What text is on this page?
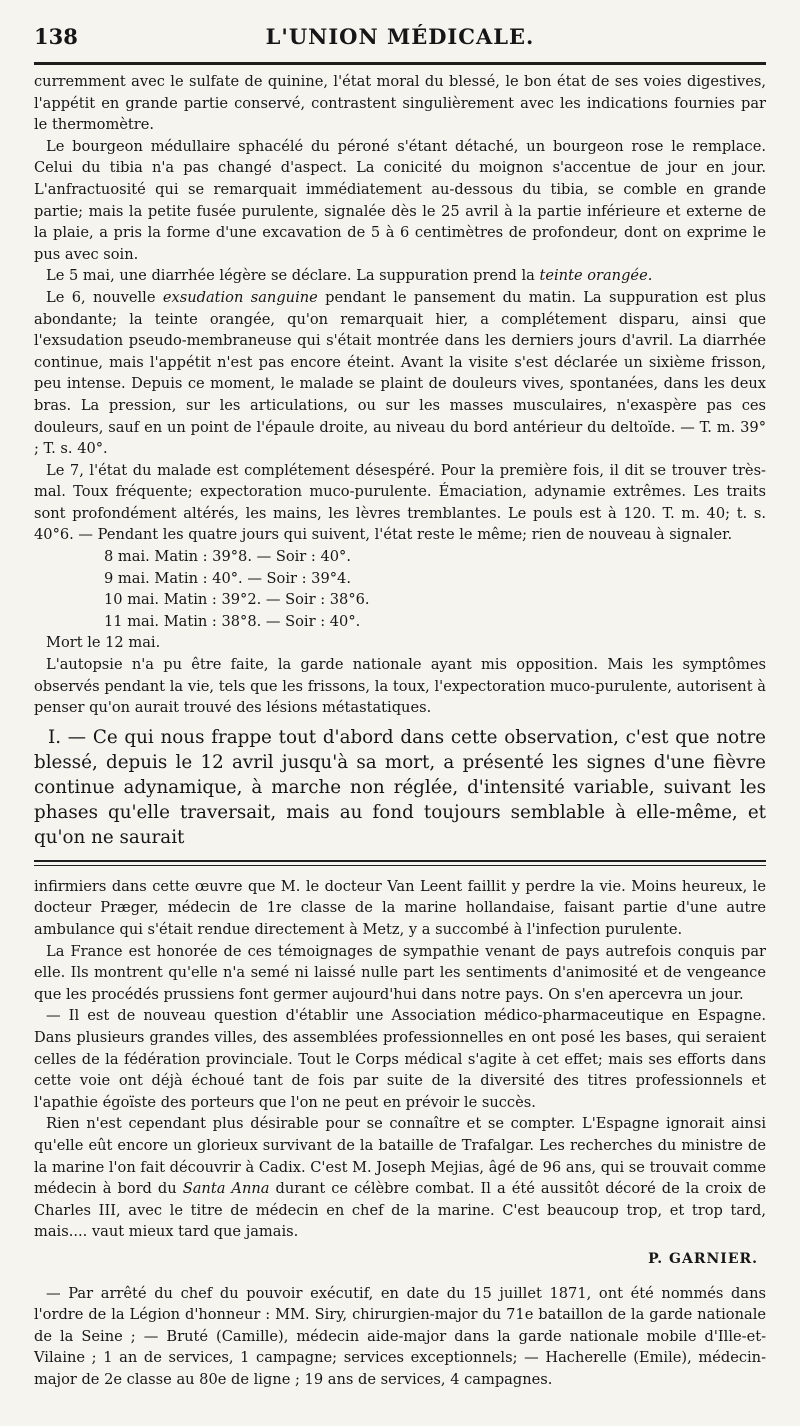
138	L'UNION MÉDICALE.

curremment avec le sulfate de quinine, l'état moral du blessé, le bon état de ses voies digestives, l'appétit en grande partie conservé, contrastent singulièrement avec les indications fournies par le thermomètre.

Le bourgeon médullaire sphacélé du péroné s'étant détaché, un bourgeon rose le remplace. Celui du tibia n'a pas changé d'aspect. La conicité du moignon s'accentue de jour en jour. L'anfractuosité qui se remarquait immédiatement au-dessous du tibia, se comble en grande partie; mais la petite fusée purulente, signalée dès le 25 avril à la partie inférieure et externe de la plaie, a pris la forme d'une excavation de 5 à 6 centimètres de profondeur, dont on exprime le pus avec soin.

Le 5 mai, une diarrhée légère se déclare. La suppuration prend la teinte orangée.

Le 6, nouvelle exsudation sanguine pendant le pansement du matin. La suppuration est plus abondante; la teinte orangée, qu'on remarquait hier, a complétement disparu, ainsi que l'exsudation pseudo-membraneuse qui s'était montrée dans les derniers jours d'avril. La diarrhée continue, mais l'appétit n'est pas encore éteint. Avant la visite s'est déclarée un sixième frisson, peu intense. Depuis ce moment, le malade se plaint de douleurs vives, spontanées, dans les deux bras. La pression, sur les articulations, ou sur les masses musculaires, n'exaspère pas ces douleurs, sauf en un point de l'épaule droite, au niveau du bord antérieur du deltoïde. — T. m. 39° ; T. s. 40°.

Le 7, l'état du malade est complétement désespéré. Pour la première fois, il dit se trouver très-mal. Toux fréquente; expectoration muco-purulente. Émaciation, adynamie extrêmes. Les traits sont profondément altérés, les mains, les lèvres tremblantes. Le pouls est à 120. T. m. 40; t. s. 40°6. — Pendant les quatre jours qui suivent, l'état reste le même; rien de nouveau à signaler.

8 mai. Matin : 39°8. — Soir : 40°.
9 mai. Matin : 40°. — Soir : 39°4.
10 mai. Matin : 39°2. — Soir : 38°6.
11 mai. Matin : 38°8. — Soir : 40°.

Mort le 12 mai.

L'autopsie n'a pu être faite, la garde nationale ayant mis opposition. Mais les symptômes observés pendant la vie, tels que les frissons, la toux, l'expectoration muco-purulente, autorisent à penser qu'on aurait trouvé des lésions métastatiques.

I. — Ce qui nous frappe tout d'abord dans cette observation, c'est que notre blessé, depuis le 12 avril jusqu'à sa mort, a présenté les signes d'une fièvre continue adynamique, à marche non réglée, d'intensité variable, suivant les phases qu'elle traversait, mais au fond toujours semblable à elle-même, et qu'on ne saurait

infirmiers dans cette œuvre que M. le docteur Van Leent faillit y perdre la vie. Moins heureux, le docteur Præger, médecin de 1re classe de la marine hollandaise, faisant partie d'une autre ambulance qui s'était rendue directement à Metz, y a succombé à l'infection purulente.

La France est honorée de ces témoignages de sympathie venant de pays autrefois conquis par elle. Ils montrent qu'elle n'a semé ni laissé nulle part les sentiments d'animosité et de vengeance que les procédés prussiens font germer aujourd'hui dans notre pays. On s'en apercevra un jour.

— Il est de nouveau question d'établir une Association médico-pharmaceutique en Espagne. Dans plusieurs grandes villes, des assemblées professionnelles en ont posé les bases, qui seraient celles de la fédération provinciale. Tout le Corps médical s'agite à cet effet; mais ses efforts dans cette voie ont déjà échoué tant de fois par suite de la diversité des titres professionnels et l'apathie égoïste des porteurs que l'on ne peut en prévoir le succès.

Rien n'est cependant plus désirable pour se connaître et se compter. L'Espagne ignorait ainsi qu'elle eût encore un glorieux survivant de la bataille de Trafalgar. Les recherches du ministre de la marine l'on fait découvrir à Cadix. C'est M. Joseph Mejias, âgé de 96 ans, qui se trouvait comme médecin à bord du Santa Anna durant ce célèbre combat. Il a été aussitôt décoré de la croix de Charles III, avec le titre de médecin en chef de la marine. C'est beaucoup trop, et trop tard, mais.... vaut mieux tard que jamais.

P. GARNIER.

— Par arrêté du chef du pouvoir exécutif, en date du 15 juillet 1871, ont été nommés dans l'ordre de la Légion d'honneur : MM. Siry, chirurgien-major du 71e bataillon de la garde nationale de la Seine ; — Bruté (Camille), médecin aide-major dans la garde nationale mobile d'Ille-et-Vilaine ; 1 an de services, 1 campagne; services exceptionnels; — Hacherelle (Emile), médecin-major de 2e classe au 80e de ligne ; 19 ans de services, 4 campagnes.
